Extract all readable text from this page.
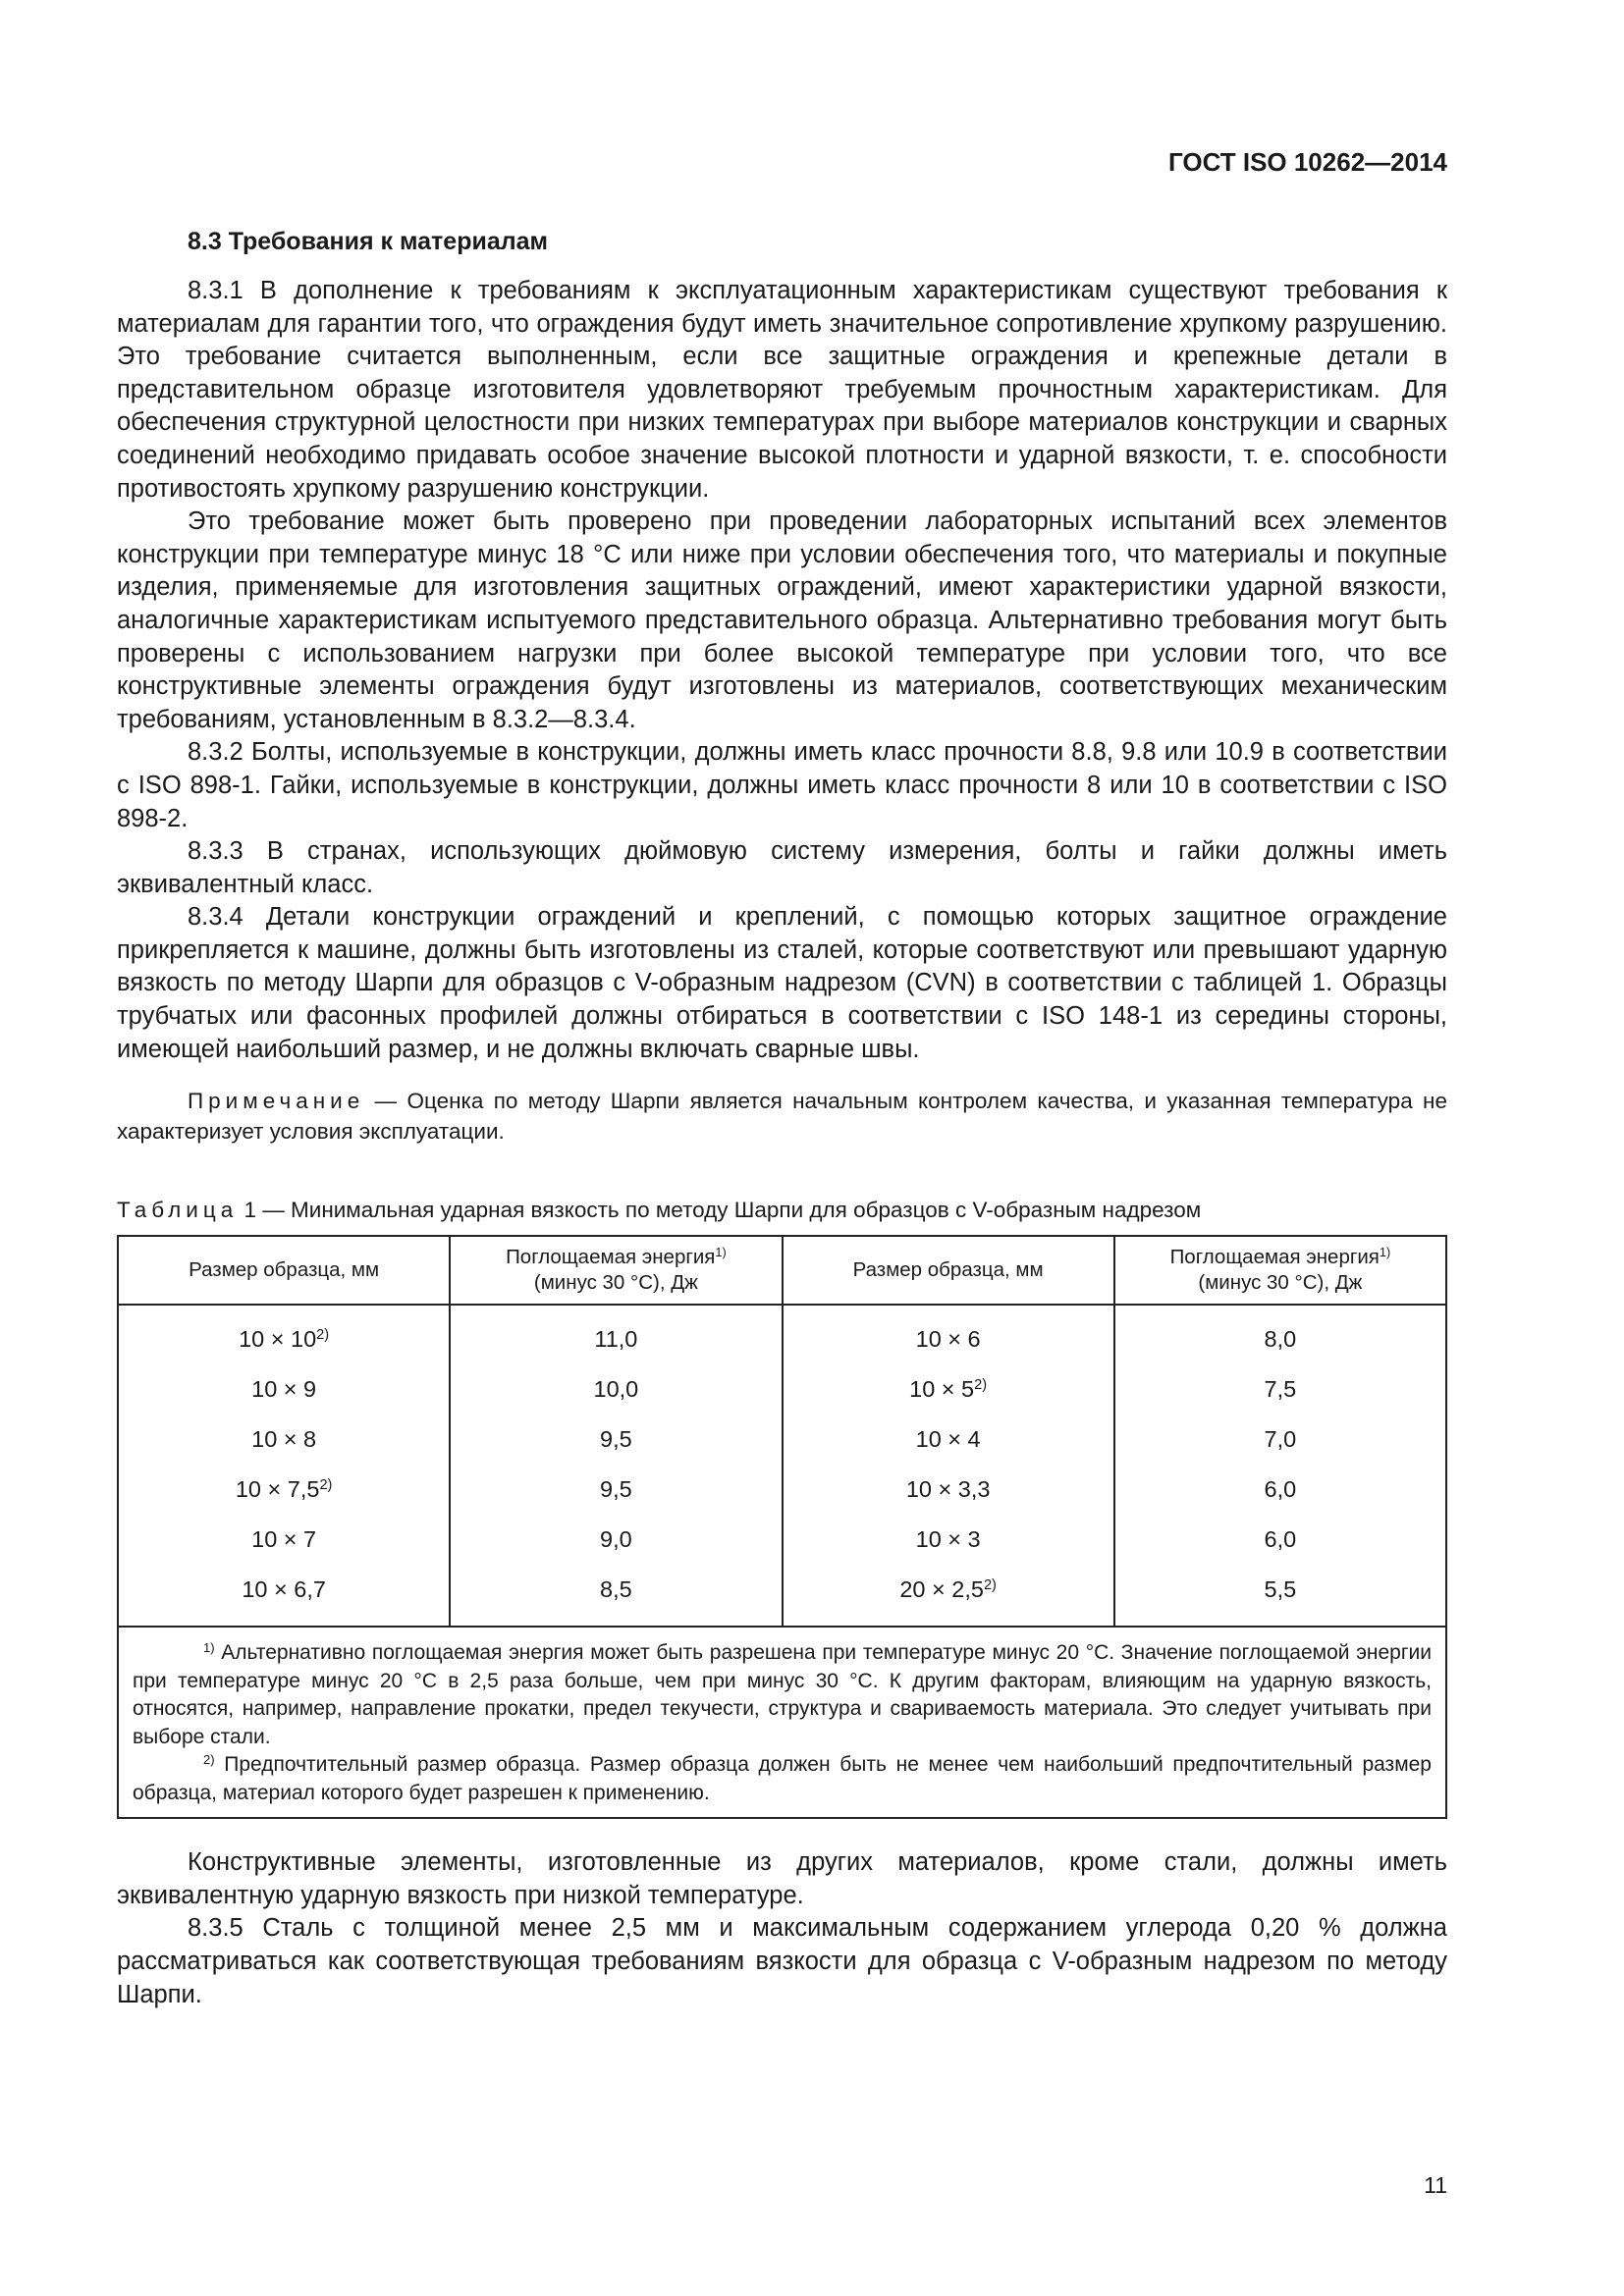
ГОСТ ISO 10262—2014
8.3 Требования к материалам

8.3.1 В дополнение к требованиям к эксплуатационным характеристикам существуют требования к материалам для гарантии того, что ограждения будут иметь значительное сопротивление хрупкому разрушению. Это требование считается выполненным, если все защитные ограждения и крепежные детали в представительном образце изготовителя удовлетворяют требуемым прочностным характеристикам. Для обеспечения структурной целостности при низких температурах при выборе материалов конструкции и сварных соединений необходимо придавать особое значение высокой плотности и ударной вязкости, т. е. способности противостоять хрупкому разрушению конструкции.

Это требование может быть проверено при проведении лабораторных испытаний всех элементов конструкции при температуре минус 18 °С или ниже при условии обеспечения того, что материалы и покупные изделия, применяемые для изготовления защитных ограждений, имеют характеристики ударной вязкости, аналогичные характеристикам испытуемого представительного образца. Альтернативно требования могут быть проверены с использованием нагрузки при более высокой температуре при условии того, что все конструктивные элементы ограждения будут изготовлены из материалов, соответствующих механическим требованиям, установленным в 8.3.2—8.3.4.

8.3.2 Болты, используемые в конструкции, должны иметь класс прочности 8.8, 9.8 или 10.9 в соответствии с ISO 898-1. Гайки, используемые в конструкции, должны иметь класс прочности 8 или 10 в соответствии с ISO 898-2.

8.3.3 В странах, использующих дюймовую систему измерения, болты и гайки должны иметь эквивалентный класс.

8.3.4 Детали конструкции ограждений и креплений, с помощью которых защитное ограждение прикрепляется к машине, должны быть изготовлены из сталей, которые соответствуют или превышают ударную вязкость по методу Шарпи для образцов с V-образным надрезом (CVN) в соответствии с таблицей 1. Образцы трубчатых или фасонных профилей должны отбираться в соответствии с ISO 148-1 из середины стороны, имеющей наибольший размер, и не должны включать сварные швы.

Примечание — Оценка по методу Шарпи является начальным контролем качества, и указанная температура не характеризует условия эксплуатации.

Таблица 1 — Минимальная ударная вязкость по методу Шарпи для образцов с V-образным надрезом
Размер образца, мм	Поглощаемая энергия$^{1)}$
(минус 30 °С), Дж	Размер образца, мм	Поглощаемая энергия$^{1)}$
(минус 30 °С), Дж
$10 \times 10^{2)}$	11,0	10 × 6	8,0
10 × 9	10,0	$10 \times 5^{2)}$	7,5
10 × 8	9,5	10 × 4	7,0
$10 \times 7,5^{2)}$	9,5	10 × 3,3	6,0
10 × 7	9,0	10 × 3	6,0
10 × 6,7	8,5	$20 \times 2,5^{2)}$	5,5

$^{1)}$ Альтернативно поглощаемая энергия может быть разрешена при температуре минус 20 °С. Значение поглощаемой энергии при температуре минус 20 °С в 2,5 раза больше, чем при минус 30 °С. К другим факторам, влияющим на ударную вязкость, относятся, например, направление прокатки, предел текучести, структура и свариваемость материала. Это следует учитывать при выборе стали.

$^{2)}$ Предпочтительный размер образца. Размер образца должен быть не менее чем наибольший предпочтительный размер образца, материал которого будет разрешен к применению.			

Конструктивные элементы, изготовленные из других материалов, кроме стали, должны иметь эквивалентную ударную вязкость при низкой температуре.

8.3.5 Сталь с толщиной менее 2,5 мм и максимальным содержанием углерода 0,20 % должна рассматриваться как соответствующая требованиям вязкости для образца с V-образным надрезом по методу Шарпи.

11
